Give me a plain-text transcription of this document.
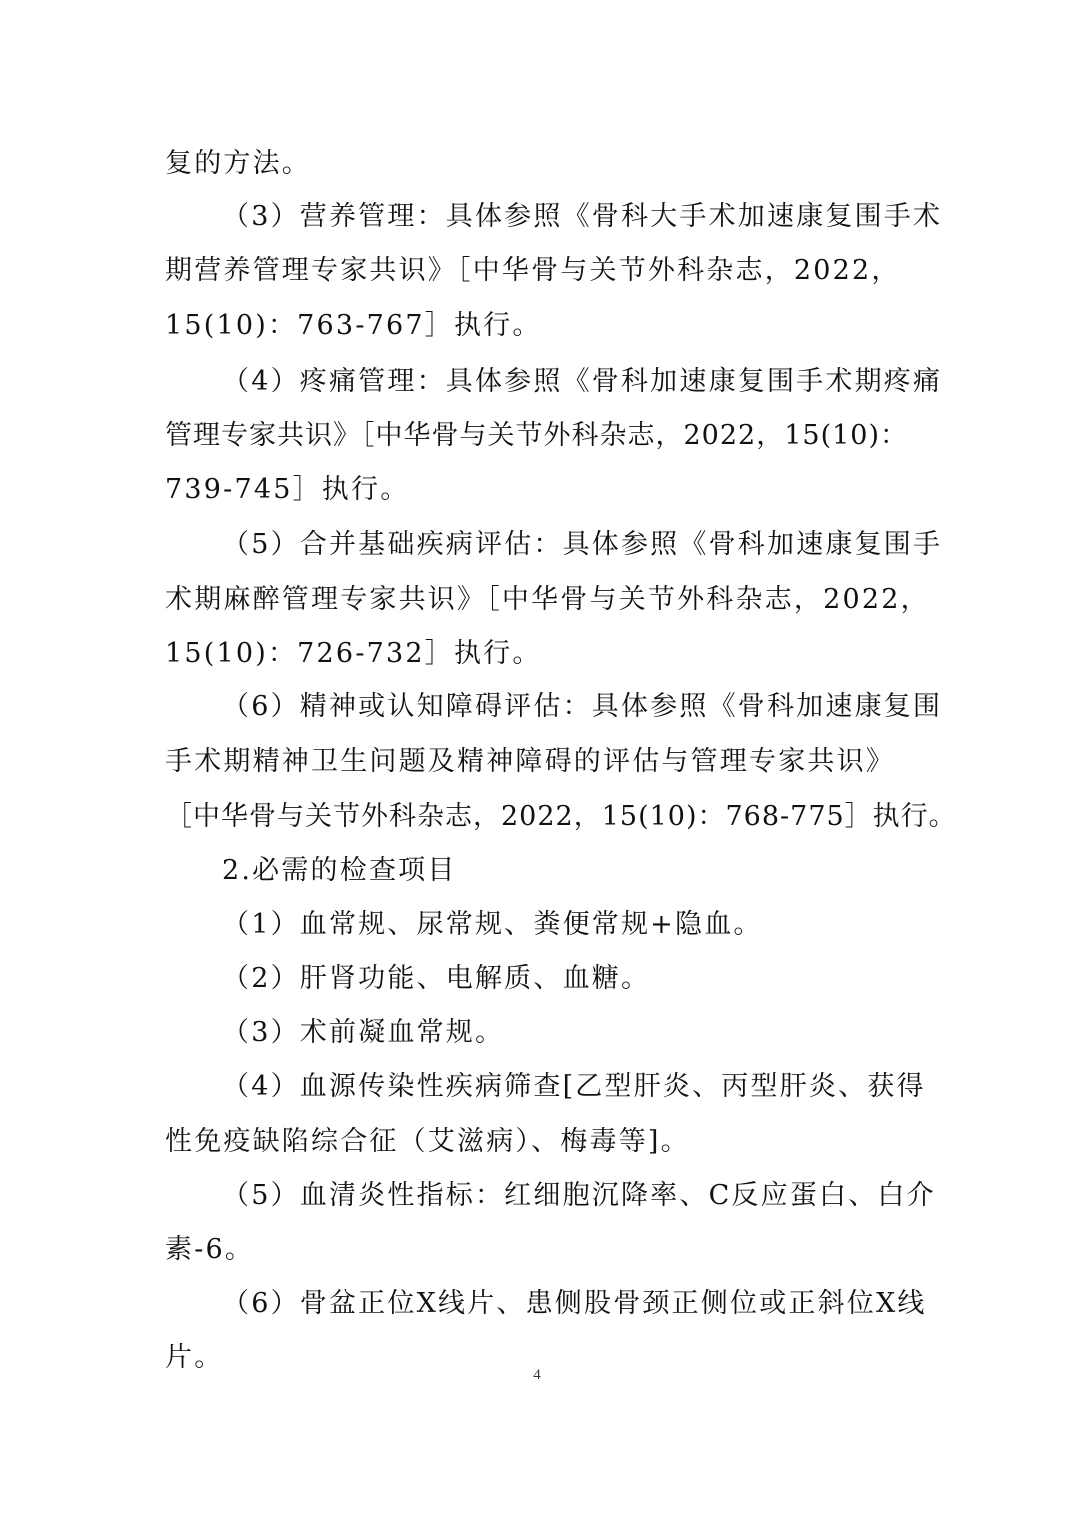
复的方法。
（3）营养管理：具体参照《骨科大手术加速康复围手术
期营养管理专家共识》［中华骨与关节外科杂志，2022，
15(10)：763-767］执行。
（4）疼痛管理：具体参照《骨科加速康复围手术期疼痛
管理专家共识》［中华骨与关节外科杂志，2022，15(10)：
739-745］执行。
（5）合并基础疾病评估：具体参照《骨科加速康复围手
术期麻醉管理专家共识》［中华骨与关节外科杂志，2022，
15(10)：726-732］执行。
（6）精神或认知障碍评估：具体参照《骨科加速康复围
手术期精神卫生问题及精神障碍的评估与管理专家共识》
［中华骨与关节外科杂志，2022，15(10)：768-775］执行。
2.必需的检查项目
（1）血常规、尿常规、粪便常规+隐血。
（2）肝肾功能、电解质、血糖。
（3）术前凝血常规。
（4）血源传染性疾病筛查[乙型肝炎、丙型肝炎、获得
性免疫缺陷综合征（艾滋病）、梅毒等]。
（5）血清炎性指标：红细胞沉降率、C反应蛋白、白介
素-6。
（6）骨盆正位X线片、患侧股骨颈正侧位或正斜位X线
片。
4
